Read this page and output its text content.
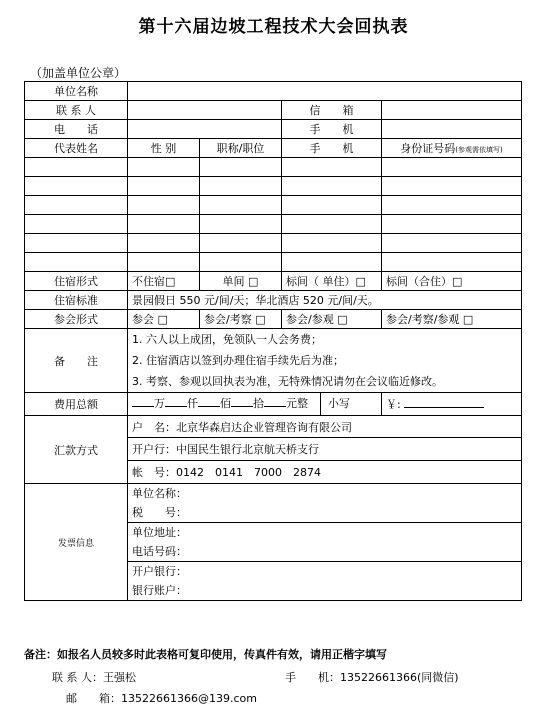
第十六届边坡工程技术大会回执表
（加盖单位公章）
单位名称				
联 系 人			信　　箱	
电　　话			手　　机	
代表姓名	性 别	职称/职位	手　　机	身份证号码(参观需依填写)

住宿形式	不住宿□	单间 □	标间（ 单住）□	标间（合住）□
住宿标准	景园假日 550 元/间/天；华北酒店 520 元/间/天。			
参会形式	参会 □	参会/考察 □	参会/参观 □	参会/考察/参观 □
备　　注	1. 六人以上成团，免领队一人会务费；
2. 住宿酒店以签到办理住宿手续先后为准；
3. 考察、参观以回执表为准，无特殊情况请勿在会议临近修改。			

费用总额	万 仟 佰 拾 元整 小写			￥:
汇款方式	户　名：北京华森启达企业管理咨询有限公司			
	开户行：中国民生银行北京航天桥支行			
	帐　号：0142　0141　7000　2874			
发票信息	单位名称：
税　　号：			

	单位地址：
电话号码：			

	开户银行：
银行账户：			
备注：如报名人员较多时此表格可复印使用，传真件有效，请用正楷字填写
联 系 人：王强松	手　　机：13522661366(同微信)
邮　　箱：13522661366@139.com
